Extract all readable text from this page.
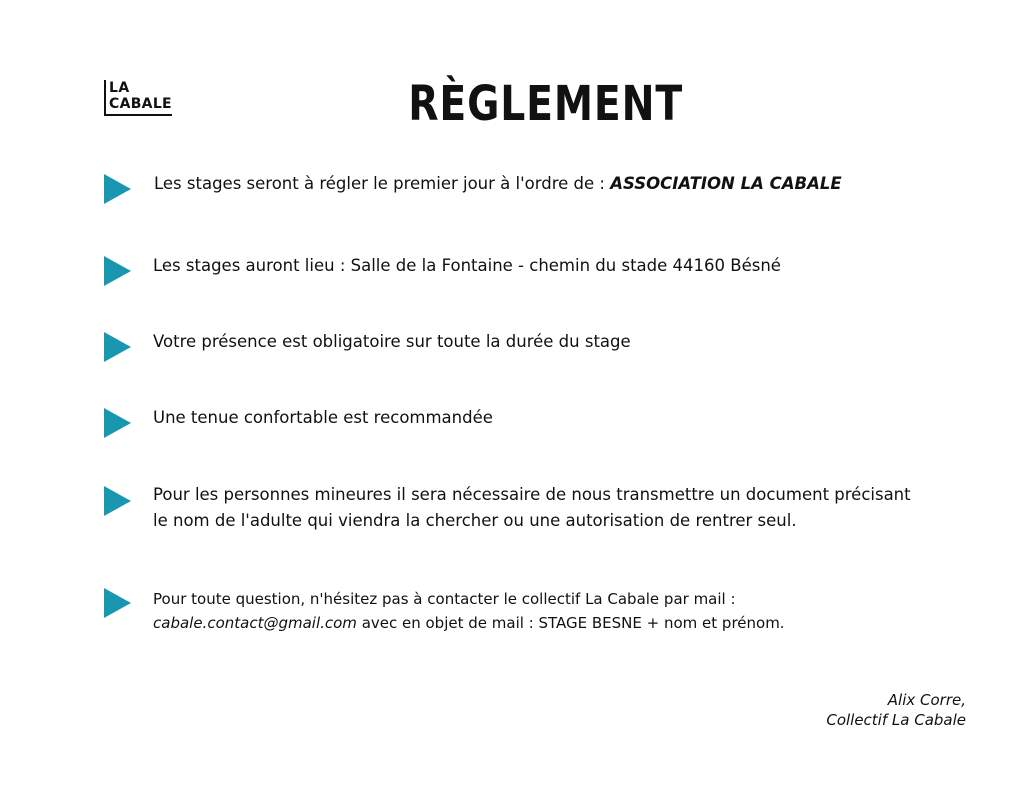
LA
CABALE	RÈGLEMENT
Les stages seront à régler le premier jour à l'ordre de : ASSOCIATION LA CABALE
Les stages auront lieu : Salle de la Fontaine - chemin du stade 44160 Bésné
Votre présence est obligatoire sur toute la durée du stage
Une tenue confortable est recommandée
Pour les personnes mineures il sera nécessaire de nous transmettre un document précisant
le nom de l'adulte qui viendra la chercher ou une autorisation de rentrer seul.
Pour toute question, n'hésitez pas à contacter le collectif La Cabale par mail :
cabale.contact@gmail.com avec en objet de mail : STAGE BESNE + nom et prénom.
Alix Corre,
Collectif La Cabale
